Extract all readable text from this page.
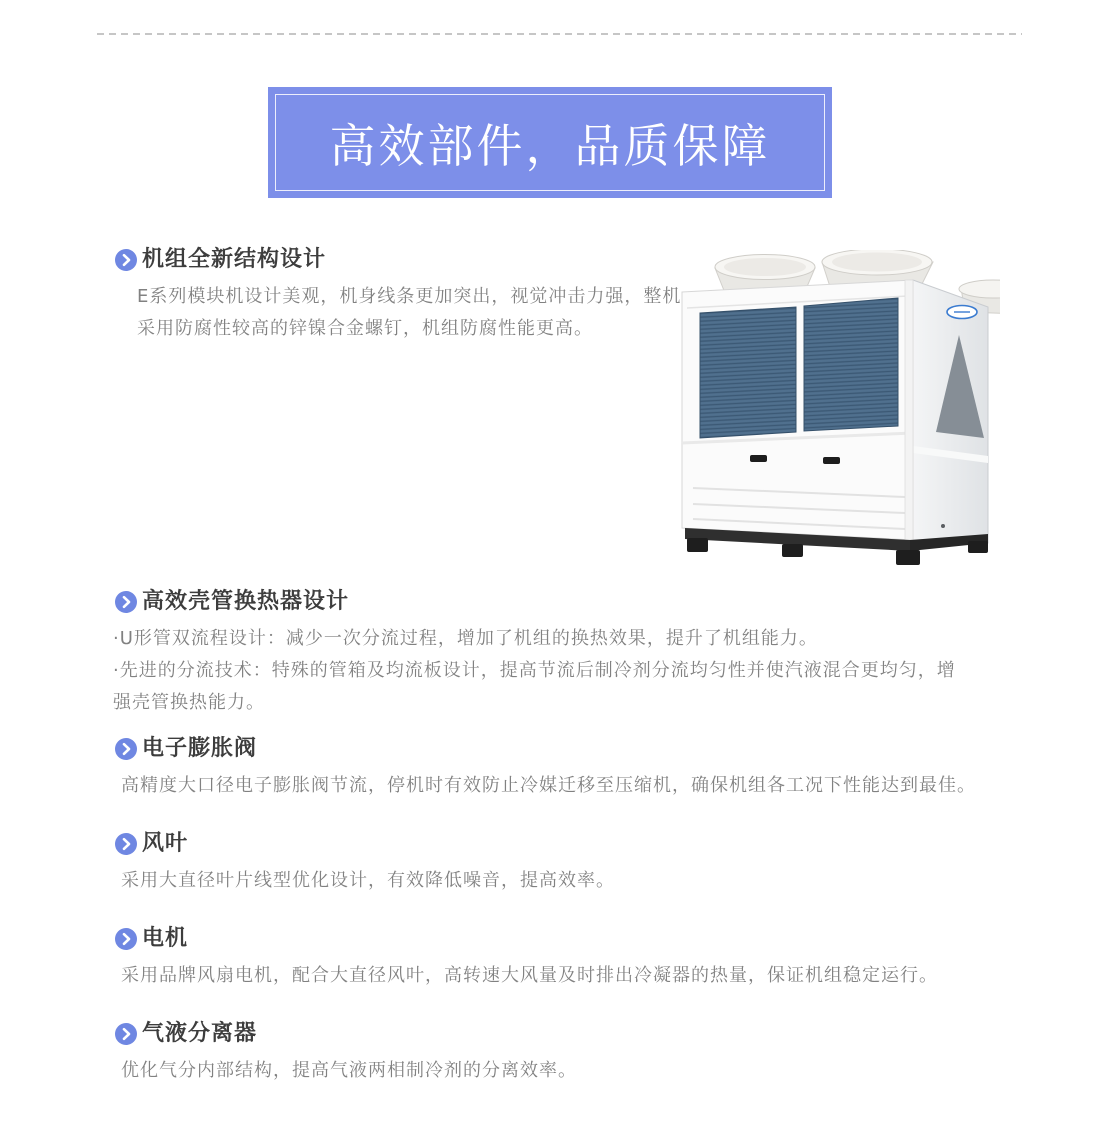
高效部件，品质保障
机组全新结构设计

E系列模块机设计美观，机身线条更加突出，视觉冲击力强，整机采用防腐性较高的锌镍合金螺钉，机组防腐性能更高。

高效壳管换热器设计

·U形管双流程设计：减少一次分流过程，增加了机组的换热效果，提升了机组能力。

·先进的分流技术：特殊的管箱及均流板设计，提高节流后制冷剂分流均匀性并使汽液混合更均匀，增强壳管换热能力。

电子膨胀阀

高精度大口径电子膨胀阀节流，停机时有效防止冷媒迁移至压缩机，确保机组各工况下性能达到最佳。

风叶

采用大直径叶片线型优化设计，有效降低噪音，提高效率。

电机

采用品牌风扇电机，配合大直径风叶，高转速大风量及时排出冷凝器的热量，保证机组稳定运行。

气液分离器

优化气分内部结构，提高气液两相制冷剂的分离效率。
